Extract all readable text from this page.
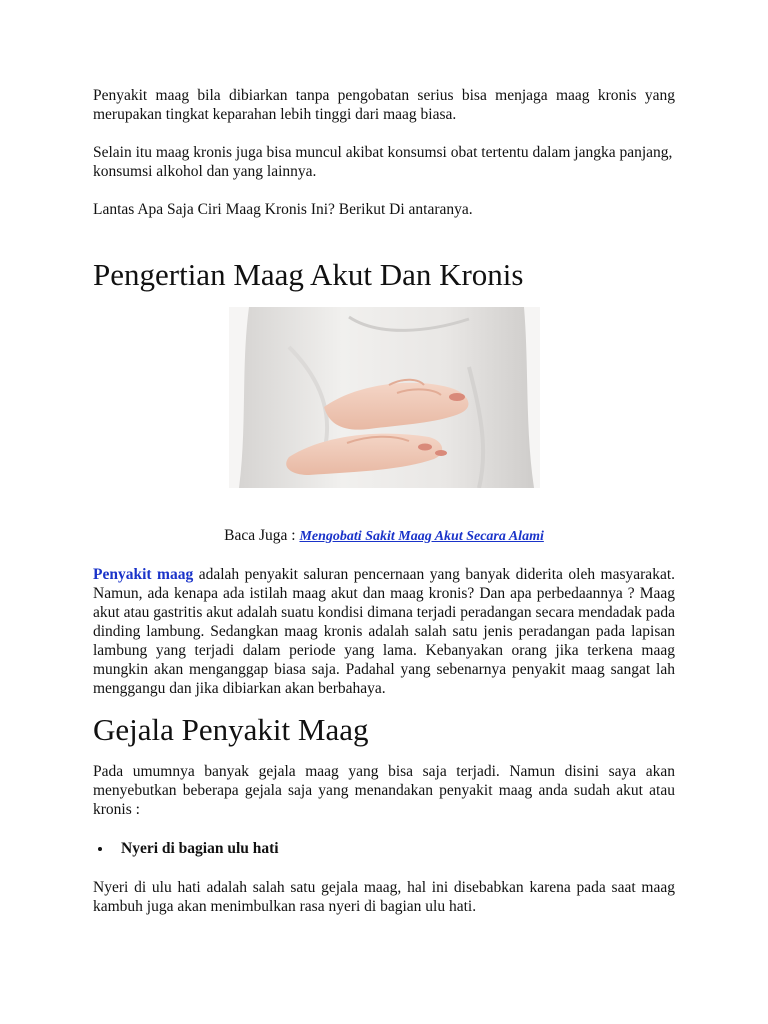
Penyakit maag bila dibiarkan tanpa pengobatan serius bisa menjaga maag kronis yang merupakan tingkat keparahan lebih tinggi dari maag biasa.

Selain itu maag kronis juga bisa muncul akibat konsumsi obat tertentu dalam jangka panjang, konsumsi alkohol dan yang lainnya.

Lantas Apa Saja Ciri Maag Kronis Ini? Berikut Di antaranya.

Pengertian Maag Akut Dan Kronis
Baca Juga : Mengobati Sakit Maag Akut Secara Alami

Penyakit maag adalah penyakit saluran pencernaan yang banyak diderita oleh masyarakat. Namun, ada kenapa ada istilah maag akut dan maag kronis? Dan apa perbedaannya ? Maag akut atau gastritis akut adalah suatu kondisi dimana terjadi peradangan secara mendadak pada dinding lambung. Sedangkan maag kronis adalah salah satu jenis peradangan pada lapisan lambung yang terjadi dalam periode yang lama. Kebanyakan orang jika terkena maag mungkin akan menganggap biasa saja. Padahal yang sebenarnya penyakit maag sangat lah menggangu dan jika dibiarkan akan berbahaya.

Gejala Penyakit Maag

Pada umumnya banyak gejala maag yang bisa saja terjadi. Namun disini saya akan menyebutkan beberapa gejala saja yang menandakan penyakit maag anda sudah akut atau kronis :

• Nyeri di bagian ulu hati

Nyeri di ulu hati adalah salah satu gejala maag, hal ini disebabkan karena pada saat maag kambuh juga akan menimbulkan rasa nyeri di bagian ulu hati.
